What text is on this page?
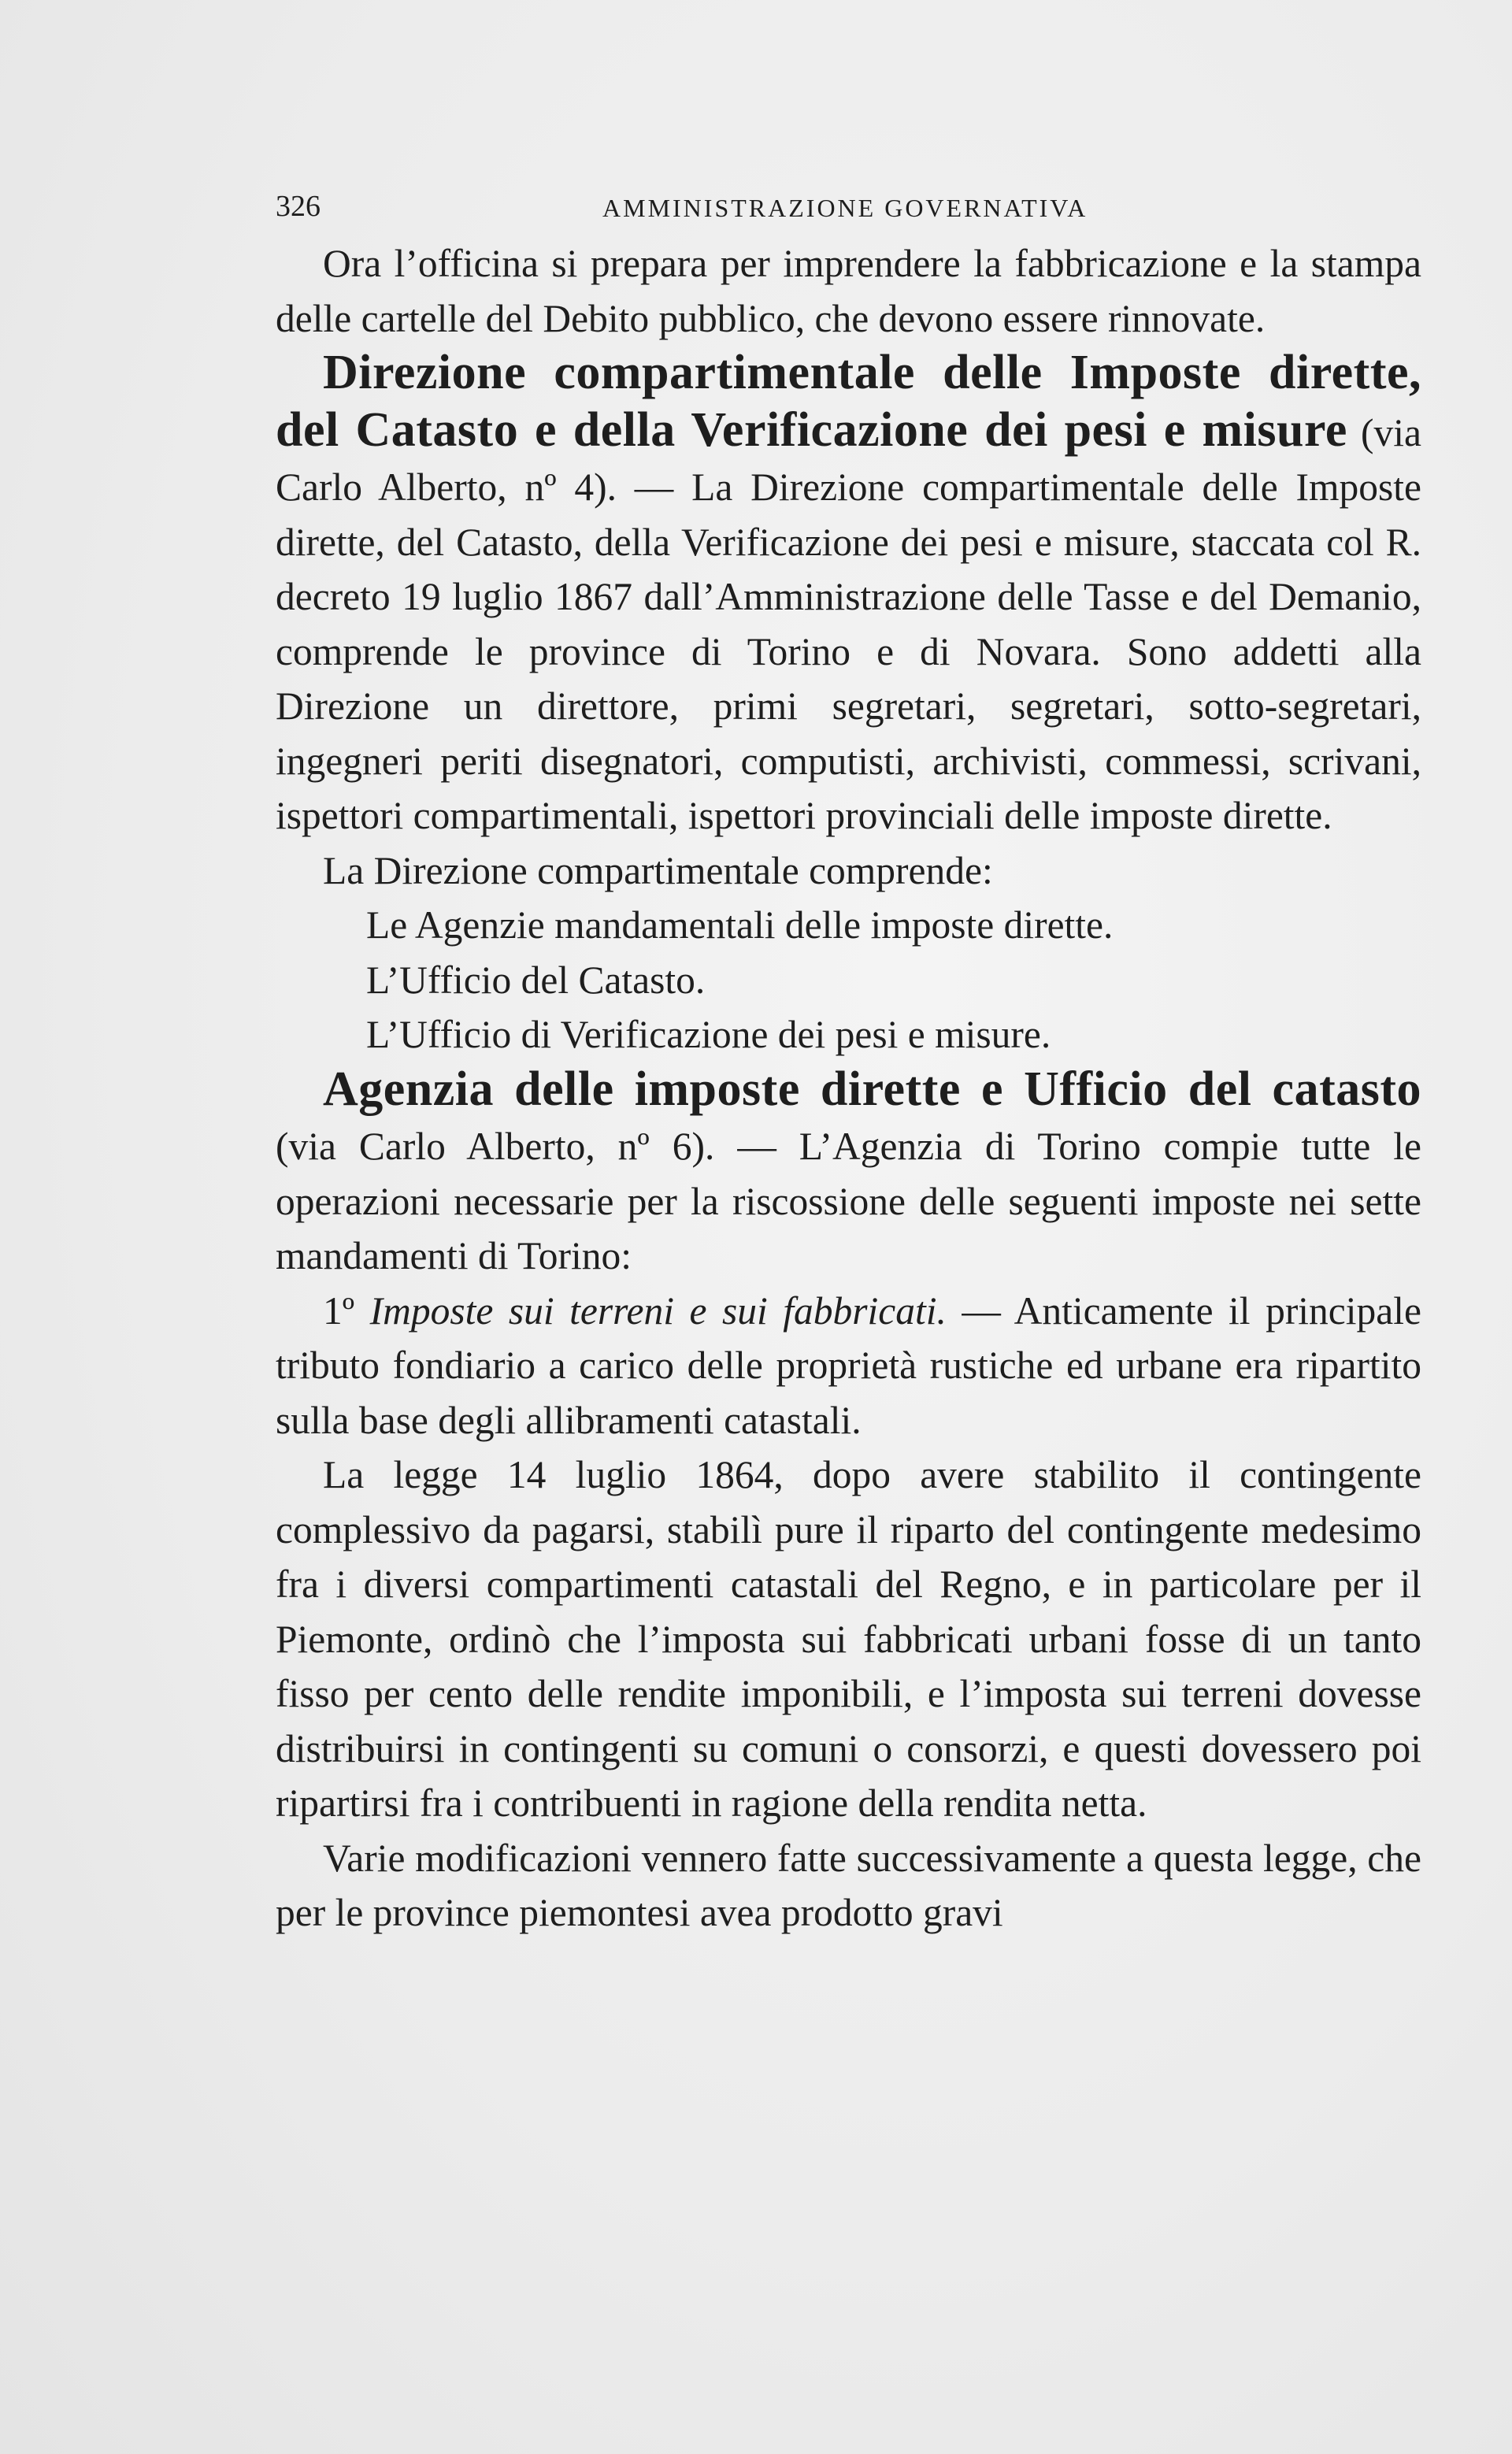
326	AMMINISTRAZIONE GOVERNATIVA

Ora l’officina si prepara per imprendere la fabbricazione e la stampa delle cartelle del Debito pubblico, che devono essere rinnovate.

Direzione compartimentale delle Imposte dirette, del Catasto e della Verificazione dei pesi e misure (via Carlo Alberto, nº 4). — La Direzione compartimentale delle Imposte dirette, del Catasto, della Verificazione dei pesi e misure, staccata col R. decreto 19 luglio 1867 dall’Amministrazione delle Tasse e del Demanio, comprende le province di Torino e di Novara. Sono addetti alla Direzione un direttore, primi segretari, segretari, sotto-segretari, ingegneri periti disegnatori, computisti, archivisti, commessi, scrivani, ispettori compartimentali, ispettori provinciali delle imposte dirette.

La Direzione compartimentale comprende:

Le Agenzie mandamentali delle imposte dirette.

L’Ufficio del Catasto.

L’Ufficio di Verificazione dei pesi e misure.

Agenzia delle imposte dirette e Ufficio del catasto (via Carlo Alberto, nº 6). — L’Agenzia di Torino compie tutte le operazioni necessarie per la riscossione delle seguenti imposte nei sette mandamenti di Torino:

1º Imposte sui terreni e sui fabbricati. — Anticamente il principale tributo fondiario a carico delle proprietà rustiche ed urbane era ripartito sulla base degli allibramenti catastali.

La legge 14 luglio 1864, dopo avere stabilito il contingente complessivo da pagarsi, stabilì pure il riparto del contingente medesimo fra i diversi compartimenti catastali del Regno, e in particolare per il Piemonte, ordinò che l’imposta sui fabbricati urbani fosse di un tanto fisso per cento delle rendite imponibili, e l’imposta sui terreni dovesse distribuirsi in contingenti su comuni o consorzi, e questi dovessero poi ripartirsi fra i contribuenti in ragione della rendita netta.

Varie modificazioni vennero fatte successivamente a questa legge, che per le province piemontesi avea prodotto gravi
